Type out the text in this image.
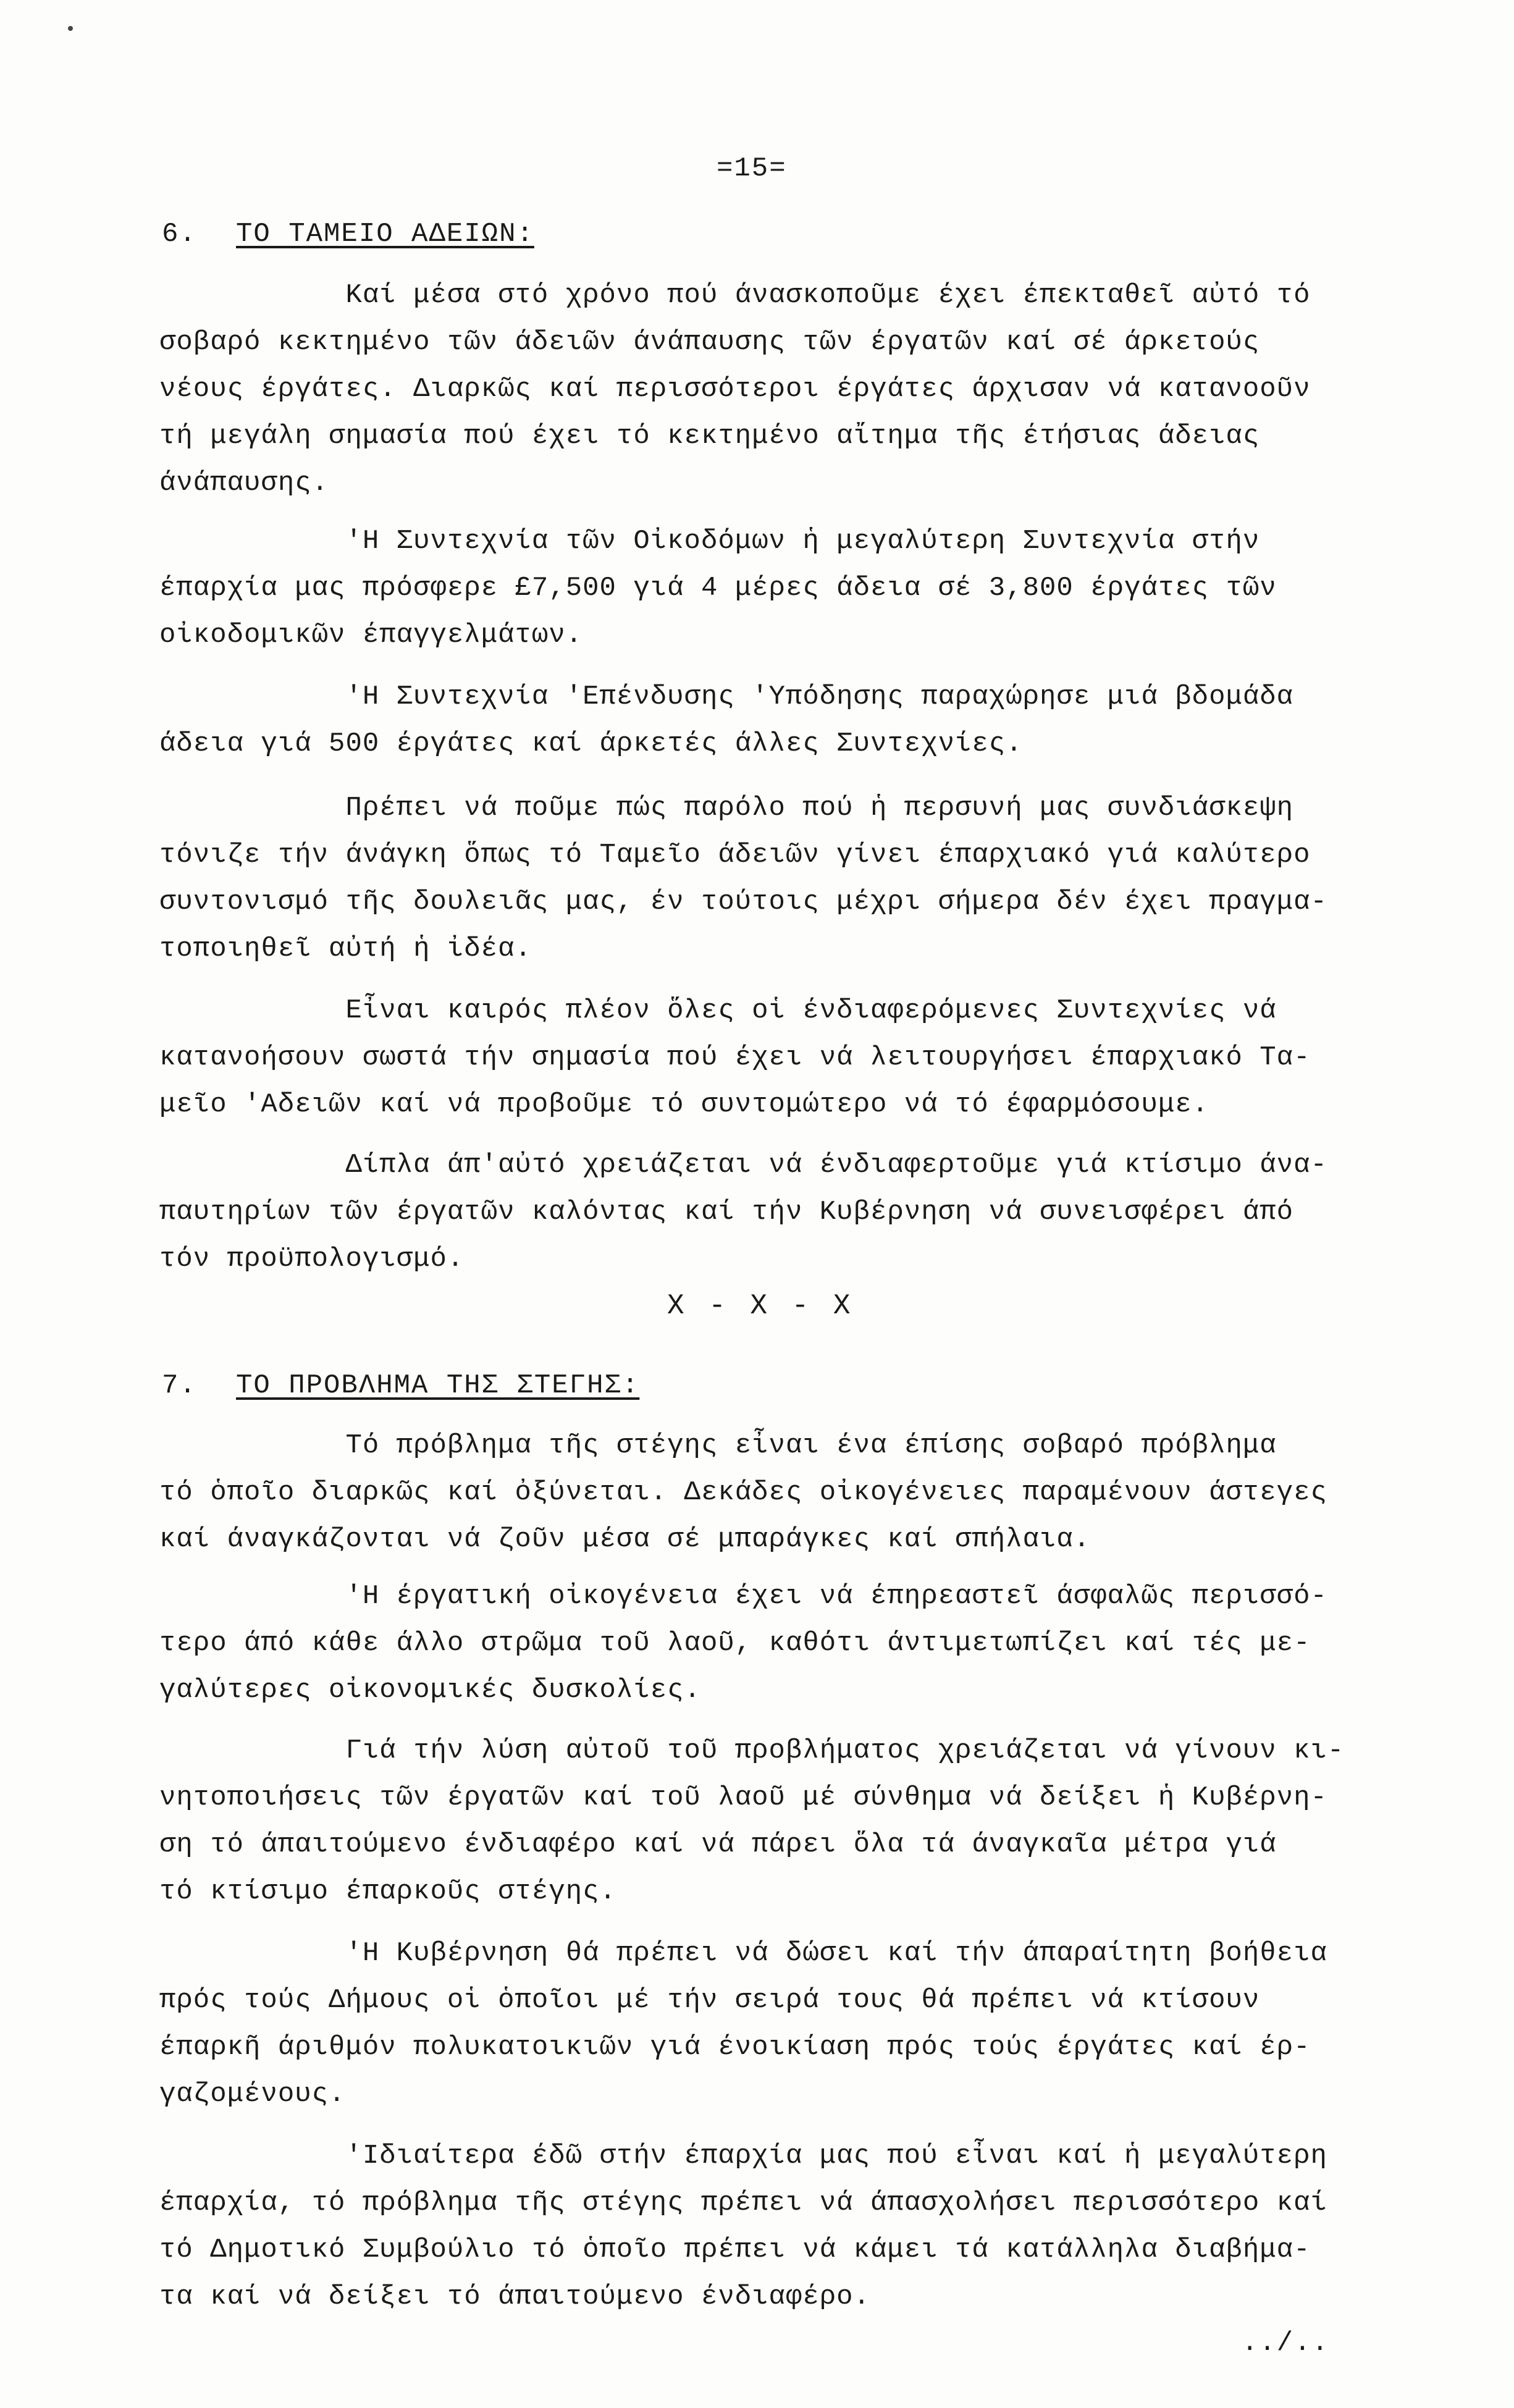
=15=
6. ΤΟ ΤΑΜΕΙΟ ΑΔΕΙΩΝ:

Καί μέσα στό χρόνο πού άνασκοποῦμε έχει έπεκταθεῖ αὐτό τό
σοβαρό κεκτημένο τῶν άδειῶν άνάπαυσης τῶν έργατῶν καί σέ άρκετούς
νέους έργάτες. Διαρκῶς καί περισσότεροι έργάτες άρχισαν νά κατανοοῦν
τή μεγάλη σημασία πού έχει τό κεκτημένο αἴτημα τῆς έτήσιας άδειας
άνάπαυσης.

'Η Συντεχνία τῶν Οἰκοδόμων ἡ μεγαλύτερη Συντεχνία στήν
έπαρχία μας πρόσφερε £7,500 γιά 4 μέρες άδεια σέ 3,800 έργάτες τῶν
οἰκοδομικῶν έπαγγελμάτων.

'Η Συντεχνία 'Επένδυσης 'Υπόδησης παραχώρησε μιά βδομάδα
άδεια γιά 500 έργάτες καί άρκετές άλλες Συντεχνίες.

Πρέπει νά ποῦμε πώς παρόλο πού ἡ περσυνή μας συνδιάσκεψη
τόνιζε τήν άνάγκη ὅπως τό Ταμεῖο άδειῶν γίνει έπαρχιακό γιά καλύτερο
συντονισμό τῆς δουλειᾶς μας, έν τούτοις μέχρι σήμερα δέν έχει πραγμα-
τοποιηθεῖ αὐτή ἡ ἰδέα.

Εἶναι καιρός πλέον ὅλες οἱ ένδιαφερόμενες Συντεχνίες νά
κατανοήσουν σωστά τήν σημασία πού έχει νά λειτουργήσει έπαρχιακό Τα-
μεῖο 'Αδειῶν καί νά προβοῦμε τό συντομώτερο νά τό έφαρμόσουμε.

Δίπλα άπ'αὐτό χρειάζεται νά ένδιαφερτοῦμε γιά κτίσιμο άνα-
παυτηρίων τῶν έργατῶν καλόντας καί τήν Κυβέρνηση νά συνεισφέρει άπό
τόν προϋπολογισμό.

X - X - X
7. ΤΟ ΠΡΟΒΛΗΜΑ ΤΗΣ ΣΤΕΓΗΣ:

Τό πρόβλημα τῆς στέγης εἶναι ένα έπίσης σοβαρό πρόβλημα
τό ὁποῖο διαρκῶς καί ὀξύνεται. Δεκάδες οἰκογένειες παραμένουν άστεγες
καί άναγκάζονται νά ζοῦν μέσα σέ μπαράγκες καί σπήλαια.

'Η έργατική οἰκογένεια έχει νά έπηρεαστεῖ άσφαλῶς περισσό-
τερο άπό κάθε άλλο στρῶμα τοῦ λαοῦ, καθότι άντιμετωπίζει καί τές με-
γαλύτερες οἰκονομικές δυσκολίες.

Γιά τήν λύση αὐτοῦ τοῦ προβλήματος χρειάζεται νά γίνουν κι-
νητοποιήσεις τῶν έργατῶν καί τοῦ λαοῦ μέ σύνθημα νά δείξει ἡ Κυβέρνη-
ση τό άπαιτούμενο ένδιαφέρο καί νά πάρει ὅλα τά άναγκαῖα μέτρα γιά
τό κτίσιμο έπαρκοῦς στέγης.

'Η Κυβέρνηση θά πρέπει νά δώσει καί τήν άπαραίτητη βοήθεια
πρός τούς Δήμους οἱ ὁποῖοι μέ τήν σειρά τους θά πρέπει νά κτίσουν
έπαρκῆ άριθμόν πολυκατοικιῶν γιά ένοικίαση πρός τούς έργάτες καί έρ-
γαζομένους.

'Ιδιαίτερα έδῶ στήν έπαρχία μας πού εἶναι καί ἡ μεγαλύτερη
έπαρχία, τό πρόβλημα τῆς στέγης πρέπει νά άπασχολήσει περισσότερο καί
τό Δημοτικό Συμβούλιο τό ὁποῖο πρέπει νά κάμει τά κατάλληλα διαβήμα-
τα καί νά δείξει τό άπαιτούμενο ένδιαφέρο.

../..
